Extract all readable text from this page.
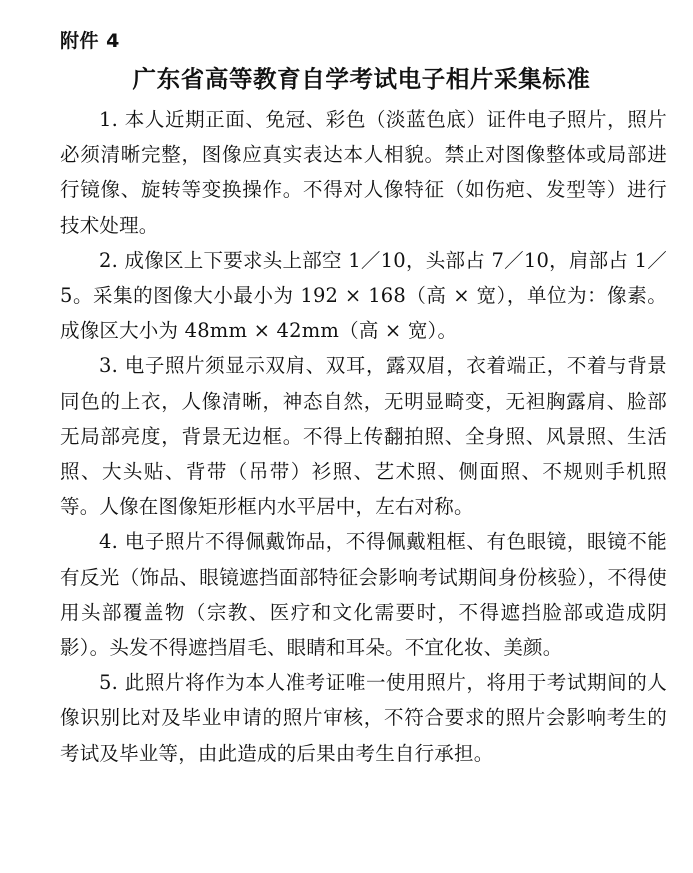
附件 4

广东省高等教育自学考试电子相片采集标准

1. 本人近期正面、免冠、彩色（淡蓝色底）证件电子照片，照片必须清晰完整，图像应真实表达本人相貌。禁止对图像整体或局部进行镜像、旋转等变换操作。不得对人像特征（如伤疤、发型等）进行技术处理。

2. 成像区上下要求头上部空 1／10，头部占 7／10，肩部占 1／5。采集的图像大小最小为 192 × 168（高 × 宽），单位为：像素。成像区大小为 48mm × 42mm（高 × 宽）。

3. 电子照片须显示双肩、双耳，露双眉，衣着端正，不着与背景同色的上衣，人像清晰，神态自然，无明显畸变，无袒胸露肩、脸部无局部亮度，背景无边框。不得上传翻拍照、全身照、风景照、生活照、大头贴、背带（吊带）衫照、艺术照、侧面照、不规则手机照等。人像在图像矩形框内水平居中，左右对称。

4. 电子照片不得佩戴饰品，不得佩戴粗框、有色眼镜，眼镜不能有反光（饰品、眼镜遮挡面部特征会影响考试期间身份核验），不得使用头部覆盖物（宗教、医疗和文化需要时，不得遮挡脸部或造成阴影）。头发不得遮挡眉毛、眼睛和耳朵。不宜化妆、美颜。

5. 此照片将作为本人准考证唯一使用照片，将用于考试期间的人像识别比对及毕业申请的照片审核，不符合要求的照片会影响考生的考试及毕业等，由此造成的后果由考生自行承担。
